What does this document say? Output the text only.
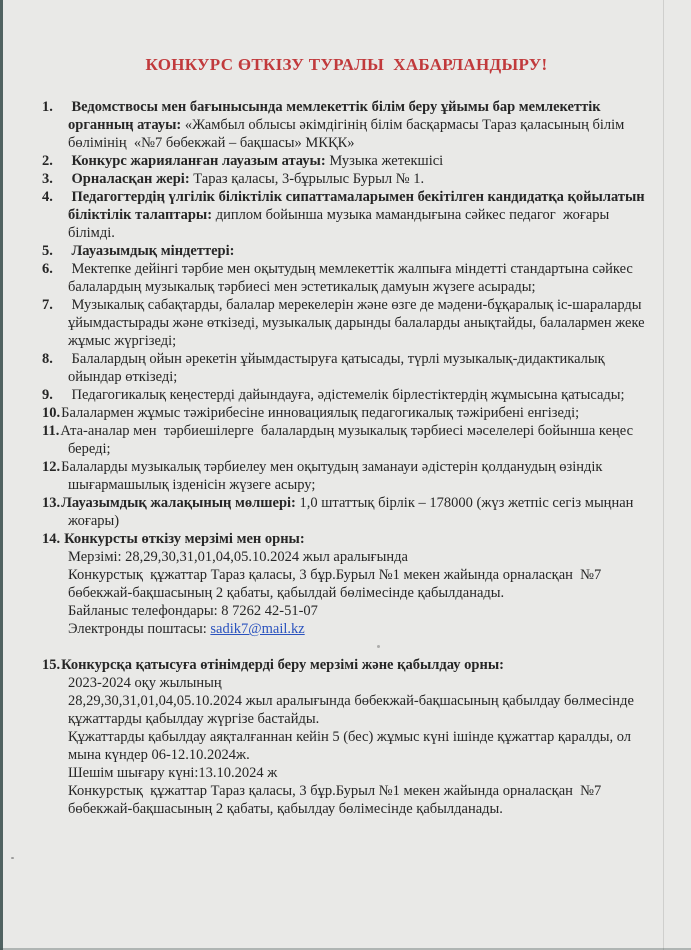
КОНКУРС ӨТКІЗУ ТУРАЛЫ  ХАБАРЛАНДЫРУ!

1. Ведомствосы мен бағынысында мемлекеттік білім беру ұйымы бар мемлекеттік органның атауы: «Жамбыл облысы әкімдігінің білім басқармасы Тараз қаласының білім бөлімінің  «№7 бөбекжай – бақшасы» МКҚК»

2. Конкурс жарияланған лауазым атауы: Музыка жетекшісі

3. Орналасқан жері: Тараз қаласы, 3-бұрылыс Бурыл № 1.

4. Педагогтердің үлгілік біліктілік сипаттамаларымен бекітілген кандидатқа қойылатын біліктілік талаптары: диплом бойынша музыка мамандығына сәйкес педагог  жоғары білімді.

5. Лауазымдық міндеттері:

6. Мектепке дейінгі тәрбие мен оқытудың мемлекеттік жалпыға міндетті стандартына сәйкес балалардың музыкалық тәрбиесі мен эстетикалық дамуын жүзеге асырады;

7. Музыкалық сабақтарды, балалар мерекелерін және өзге де мәдени-бұқаралық іс-шараларды ұйымдастырады және өткізеді, музыкалық дарынды балаларды анықтайды, балалармен жеке жұмыс жүргізеді;

8. Балалардың ойын әрекетін ұйымдастыруға қатысады, түрлі музыкалық-дидактикалық ойындар өткізеді;

9. Педагогикалық кеңестерді дайындауға, әдістемелік бірлестіктердің жұмысына қатысады;

10.Балалармен жұмыс тәжірибесіне инновациялық педагогикалық тәжірибені енгізеді;

11.Ата-аналар мен  тәрбиешілерге  балалардың музыкалық тәрбиесі мәселелері бойынша кеңес береді;

12.Балаларды музыкалық тәрбиелеу мен оқытудың заманауи әдістерін қолданудың өзіндік шығармашылық ізденісін жүзеге асыру;

13.Лауазымдық жалақының мөлшері: 1,0 штаттық бірлік – 178000 (жүз жетпіс сегіз мыңнан жоғары)

14. Конкурсты өткізу мерзімі мен орны:

Мерзімі: 28,29,30,31,01,04,05.10.2024 жыл аралығында

Конкурстық  құжаттар Тараз қаласы, 3 бұр.Бурыл №1 мекен жайында орналасқан  №7 бөбекжай-бақшасының 2 қабаты, қабылдай бөлімесінде қабылданады.

Байланыс телефондары: 8 7262 42-51-07

Электронды поштасы: sadik7@mail.kz

15.Конкурсқа қатысуға өтінімдерді беру мерзімі және қабылдау орны:

2023-2024 оқу жылының

28,29,30,31,01,04,05.10.2024 жыл аралығында бөбекжай-бақшасының қабылдау бөлмесінде құжаттарды қабылдау жүргізе бастайды.

Құжаттарды қабылдау аяқталғаннан кейін 5 (бес) жұмыс күні ішінде құжаттар қаралды, ол мына күндер 06-12.10.2024ж.

Шешім шығару күні:13.10.2024 ж

Конкурстық  құжаттар Тараз қаласы, 3 бұр.Бурыл №1 мекен жайында орналасқан  №7 бөбекжай-бақшасының 2 қабаты, қабылдау бөлімесінде қабылданады.
